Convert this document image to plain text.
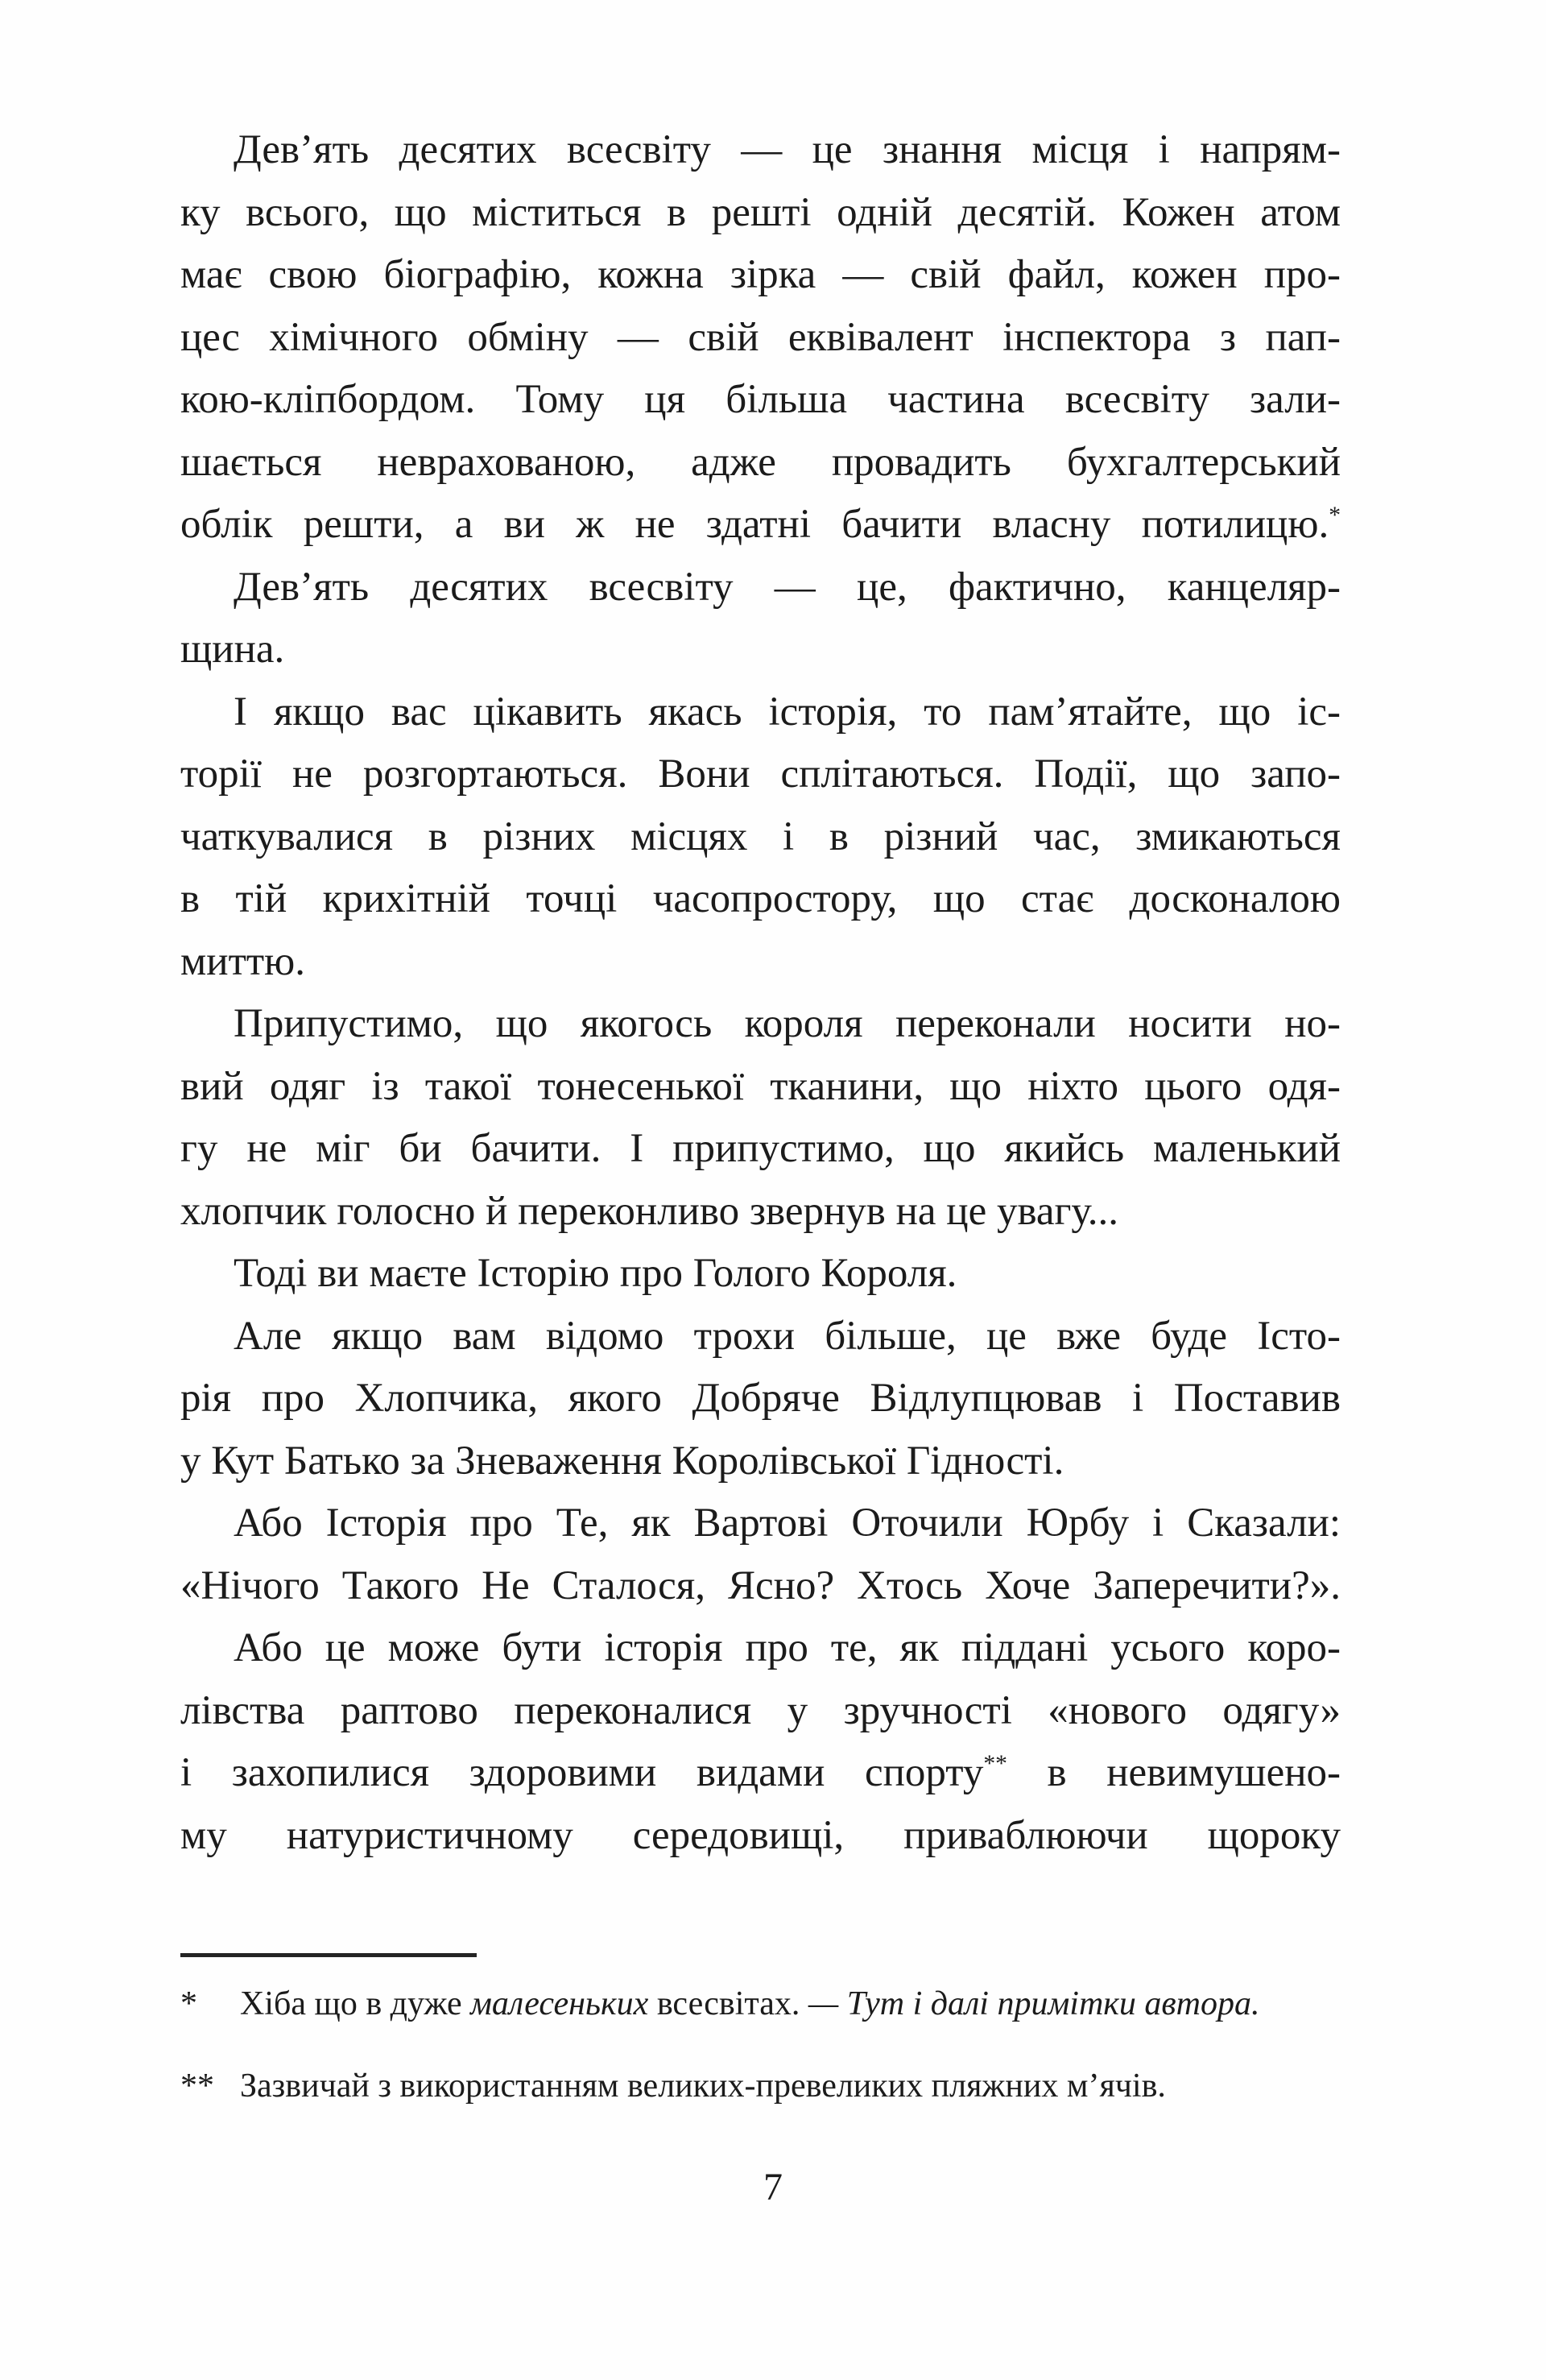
Дев’ять десятих всесвіту — це знання місця і напрям-
ку всього, що міститься в решті одній десятій. Кожен атом
має свою біографію, кожна зірка — свій файл, кожен про-
цес хімічного обміну — свій еквівалент інспектора з пап-
кою-кліпбордом. Тому ця більша частина всесвіту зали-
шається неврахованою, адже провадить бухгалтерський
облік решти, а ви ж не здатні бачити власну потилицю.*
Дев’ять десятих всесвіту — це, фактично, канцеляр-
щина.
І якщо вас цікавить якась історія, то пам’ятайте, що іс-
торії не розгортаються. Вони сплітаються. Події, що запо-
чаткувалися в різних місцях і в різний час, змикаються
в тій крихітній точці часопростору, що стає досконалою
миттю.
Припустимо, що якогось короля переконали носити но-
вий одяг із такої тонесенької тканини, що ніхто цього одя-
гу не міг би бачити. І припустимо, що якийсь маленький
хлопчик голосно й переконливо звернув на це увагу...
Тоді ви маєте Історію про Голого Короля.
Але якщо вам відомо трохи більше, це вже буде Істо-
рія про Хлопчика, якого Добряче Відлупцював і Поставив
у Кут Батько за Зневаження Королівської Гідності.
Або Історія про Те, як Вартові Оточили Юрбу і Сказали:
«Нічого Такого Не Сталося, Ясно? Хтось Хоче Заперечити?».
Або це може бути історія про те, як піддані усього коро-
лівства раптово переконалися у зручності «нового одягу»
і захопилися здоровими видами спорту** в невимушено-
му натуристичному середовищі, приваблюючи щороку
*	Хіба що в дуже малесеньких всесвітах. — Тут і далі примітки автора.
** Зазвичай з використанням великих-превеликих пляжних м’ячів.
7
